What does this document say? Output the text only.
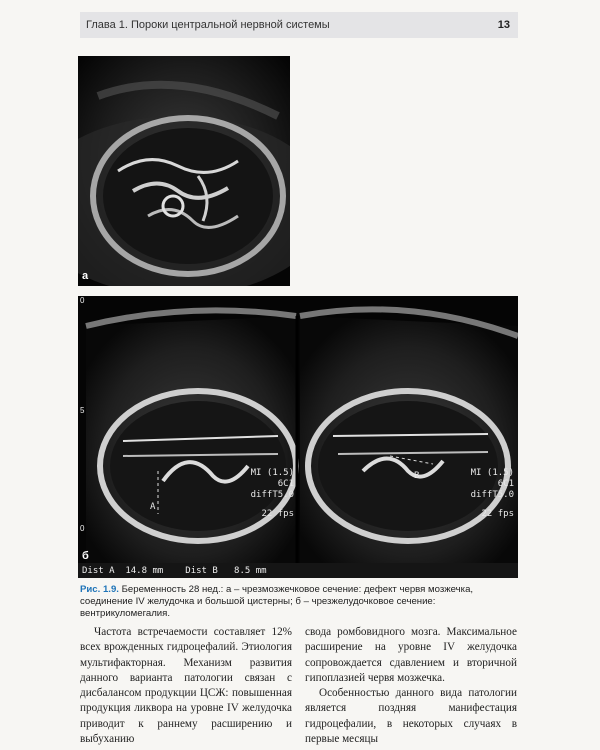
Глава 1. Пороки центральной нервной системы	13
а
0
5
0
A
B
MI (1.5)
6C1
diffT5.0
22 fps
MI (1.5)
6C1
diffT5.0
22 fps
б
Dist A  14.8 mm Dist B   8.5 mm
Рис. 1.9. Беременность 28 нед.: а – чрезмозжечковое сечение: дефект червя мозжечка, соединение IV желудочка и большой цистерны; б – чрезжелудочковое сечение: вентрикуломегалия.

Частота встречаемости составляет 12% всех врожденных гидроцефалий. Этиология мультифакторная. Механизм развития данного варианта патологии связан с дисбалансом продукции ЦСЖ: повышенная продукция ликвора на уровне IV желудочка приводит к раннему расширению и выбуханию

свода ромбовидного мозга. Максимальное расширение на уровне IV желудочка сопровождается сдавлением и вторичной гипоплазией червя мозжечка.

Особенностью данного вида патологии является поздняя манифестация гидроцефалии, в некоторых случаях в первые месяцы
